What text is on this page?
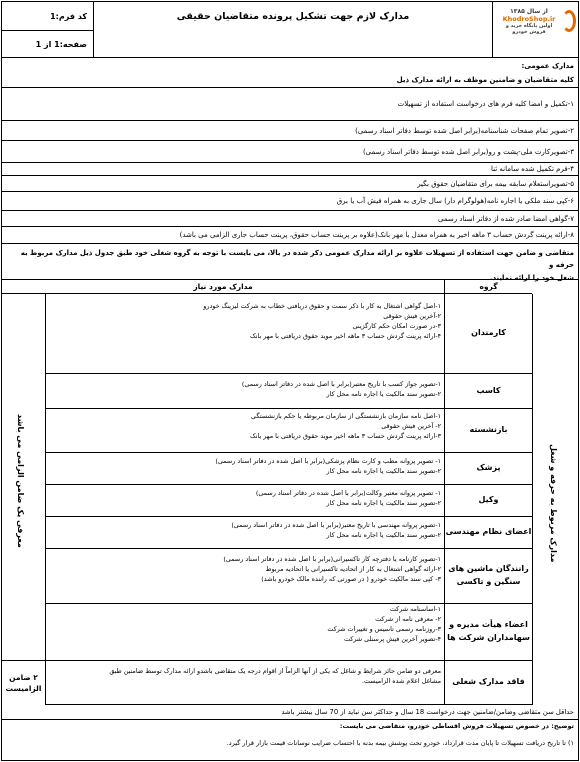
از سال ۱۳۸۵
KhodroShop.ir
اولین پایگاه خرید و فروش خودرو
مدارک لازم جهت تشکیل پرونده متقاضیان حقیقی
کد فرم:1
صفحه:1 از 1
مدارک عمومی:
کلیه متقاضیان و ضامنین موظف به ارائه مدارک ذیل
۱-تکمیل و امضا کلیه فرم های درخواست استفاده از تسهیلات
۲-تصویر تمام صفحات شناسنامه(برابر اصل شده توسط دفاتر اسناد رسمی)
۳-تصویرکارت ملی-پشت و رو(برابر اصل شده توسط دفاتر اسناد رسمی)
۴-فرم تکمیل شده سامانه ثنا
۵-تصویراستعلام سابقه بیمه برای متقاضیان حقوق بگیر
۶-کپی سند ملکی یا اجاره نامه(هولوگرام دار) سال جاری به همراه فیش آب یا برق
۷-گواهی امضا صادر شده از دفاتر اسناد رسمی
۸-ارائه پرینت گردش حساب ۳ ماهه اخیر به همراه معدل با مهر بانک(علاوه بر پرینت حساب حقوق، پرینت حساب جاری الزامی می باشد)
متقاضی و ضامن جهت استفاده از تسهیلات علاوه بر ارائه مدارک عمومی ذکر شده در بالا، می بایست با توجه به گروه شغلی خود طبق جدول ذیل مدارک مربوط به حرفه و
شغل خود را ارائه نمایند.
گروه
مدارک مورد نیاز
مدارک مربوط به حرفه و شغل
معرفی یک ضامن الزامی می باشد
۲ ضامن الزامیست
کارمندان
۱-اصل گواهی اشتغال به کار با ذکر سمت و حقوق دریافتی خطاب به شرکت لیزینگ خودرو
۲-آخرین فیش حقوقی
۳-در صورت امکان حکم کارگزینی
۴-ارائه پرینت گردش حساب ۳ ماهه اخیر موید حقوق دریافتی با مهر بانک
کاسب
۱-تصویر جواز کسب با تاریخ معتبر(برابر با اصل شده در دفاتر اسناد رسمی)
۲-تصویر سند مالکیت یا اجاره نامه محل کار
بازنشسته
۱-اصل نامه سازمان بازنشستگی از سازمان مربوطه یا حکم بازنشستگی
۲- آخرین فیش حقوقی
۳-ارائه پرینت گردش حساب ۳ ماهه اخیر موید حقوق دریافتی با مهر بانک
پزشک
۱- تصویر پروانه مطب و کارت نظام پزشکی(برابر با اصل شده در دفاتر اسناد رسمی)
۲-تصویر سند مالکیت یا اجاره نامه محل کار
وکیل
۱- تصویر پروانه معتبر وکالت(برابر با اصل شده در دفاتر اسناد رسمی)
۲-تصویر سند مالکیت یا اجاره نامه محل کار
اعضای نظام مهندسی
۱-تصویر پروانه مهندسی با تاریخ معتبر(برابر با اصل شده در دفاتر اسناد رسمی)
۲-تصویر سند مالکیت یا اجاره نامه محل کار
رانندگان ماشین های سنگین و تاکسی
۱-تصویر کارنامه یا دفترچه کار تاکسیرانی(برابر با اصل شده در دفاتر اسناد رسمی)
۲-ارائه گواهی اشتغال به کار از اتحادیه تاکسیرانی یا اتحادیه مربوط
۳- کپی سند مالکیت خودرو ( در صورتی که راننده مالک خودرو باشد)
اعضاء هیأت مدیره و سهامداران شرکت ها
۱-اساسنامه شرکت
۲- معرفی نامه از شرکت
۳-روزنامه رسمی تاسیس و تغییرات شرکت
۴-تصویر آخرین فیش پرسنلی شرکت
فاقد مدارک شغلی
معرفی دو ضامن حائز شرایط و شاغل که یکی از آنها الزاماً از اقوام درجه یک متقاضی باشدو ارائه مدارک توسط ضامنین طبق
مشاغل اعلام شده الزامیست.
حداقل سن متقاضی وضامن/ضامنین جهت درخواست 18 سال و حداکثر سن نباید از 70 سال بیشتر باشد
توضیح: در خصوص تسهیلات فروش اقساطی خودرو، متقاضی می بایست:
۱) تا تاریخ دریافت تسهیلات تا پایان مدت قرارداد، خودرو تحت پوشش بیمه بدنه با احتساب ضرایب نوسانات قیمت بازار قرار گیرد.
